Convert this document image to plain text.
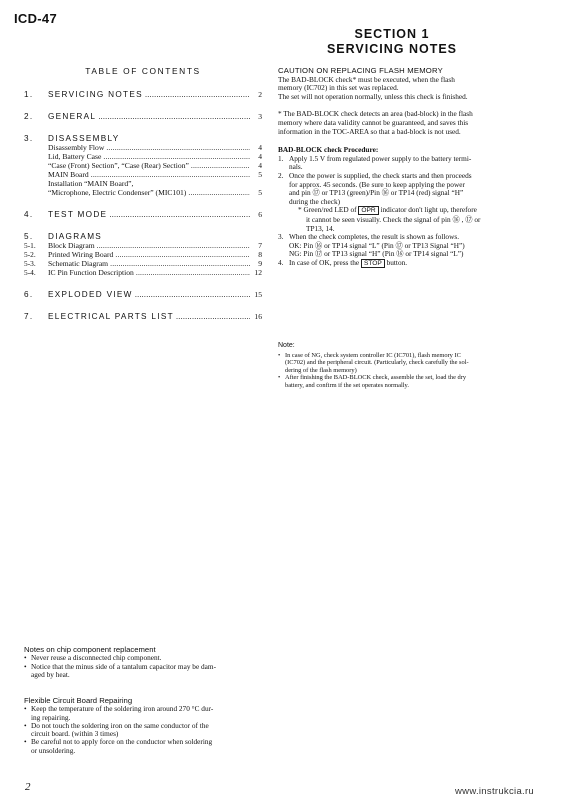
ICD-47
SECTION 1
SERVICING NOTES
TABLE OF CONTENTS
1.	SERVICING NOTES .....	2
2.	GENERAL .....	3
3.	DISASSEMBLY
Disassembly Flow .....	4
Lid, Battery Case .....	4
“Case (Front) Section”, “Case (Rear) Section” .....	4
MAIN Board .....	5
Installation “MAIN Board”,
“Microphone, Electric Condenser” (MIC101) .....	5
4.	TEST MODE .....	6
5.	DIAGRAMS
5-1.	Block Diagram .....	7
5-2.	Printed Wiring Board .....	8
5-3.	Schematic Diagram .....	9
5-4.	IC Pin Function Description .....	12
6.	EXPLODED VIEW .....	15
7.	ELECTRICAL PARTS LIST .....	16
CAUTION ON REPLACING FLASH MEMORY

The BAD-BLOCK check* must be executed, when the flash

memory (IC702) in this set was replaced.

The set will not operation normally, unless this check is finished.

* The BAD-BLOCK check detects an area (bad-block) in the flash

memory where data validity cannot be guaranteed, and saves this

information in the TOC-AREA so that a bad-block is not used.

BAD-BLOCK check Procedure:

1. Apply 1.5 V from regulated power supply to the battery termi-
nals.
2. Once the power is supplied, the check starts and then proceeds
for approx. 45 seconds. (Be sure to keep applying the power
and pin ⑰ or TP13 (green)/Pin ⑯ or TP14 (red) signal “H”
during the check)
* Green/red LED of OPR indicator don't light up, therefore
it cannot be seen visually. Check the signal of pin ⑯ , ⑰ or
TP13, 14.
3. When the check completes, the result is shown as follows.
OK: Pin ⑯ or TP14 signal “L” (Pin ⑰ or TP13 Signal “H”)
NG: Pin ⑰ or TP13 signal “H” (Pin ⑯ or TP14 signal “L”)
4. In case of OK, press the STOP button.
Note:
• In case of NG, check system controller IC (IC701), flash memory IC
(IC702) and the peripheral circuit. (Particularly, check carefully the sol-
dering of the flash memory)
• After finishing the BAD-BLOCK check, assemble the set, load the dry
battery, and confirm if the set operates normally.
Notes on chip component replacement
• Never reuse a disconnected chip component.
• Notice that the minus side of a tantalum capacitor may be dam-
aged by heat.
Flexible Circuit Board Repairing
• Keep the temperature of the soldering iron around 270 °C dur-
ing repairing.
• Do not touch the soldering iron on the same conductor of the
circuit board. (within 3 times)
• Be careful not to apply force on the conductor when soldering
or unsoldering.
2	www.instrukcia.ru
